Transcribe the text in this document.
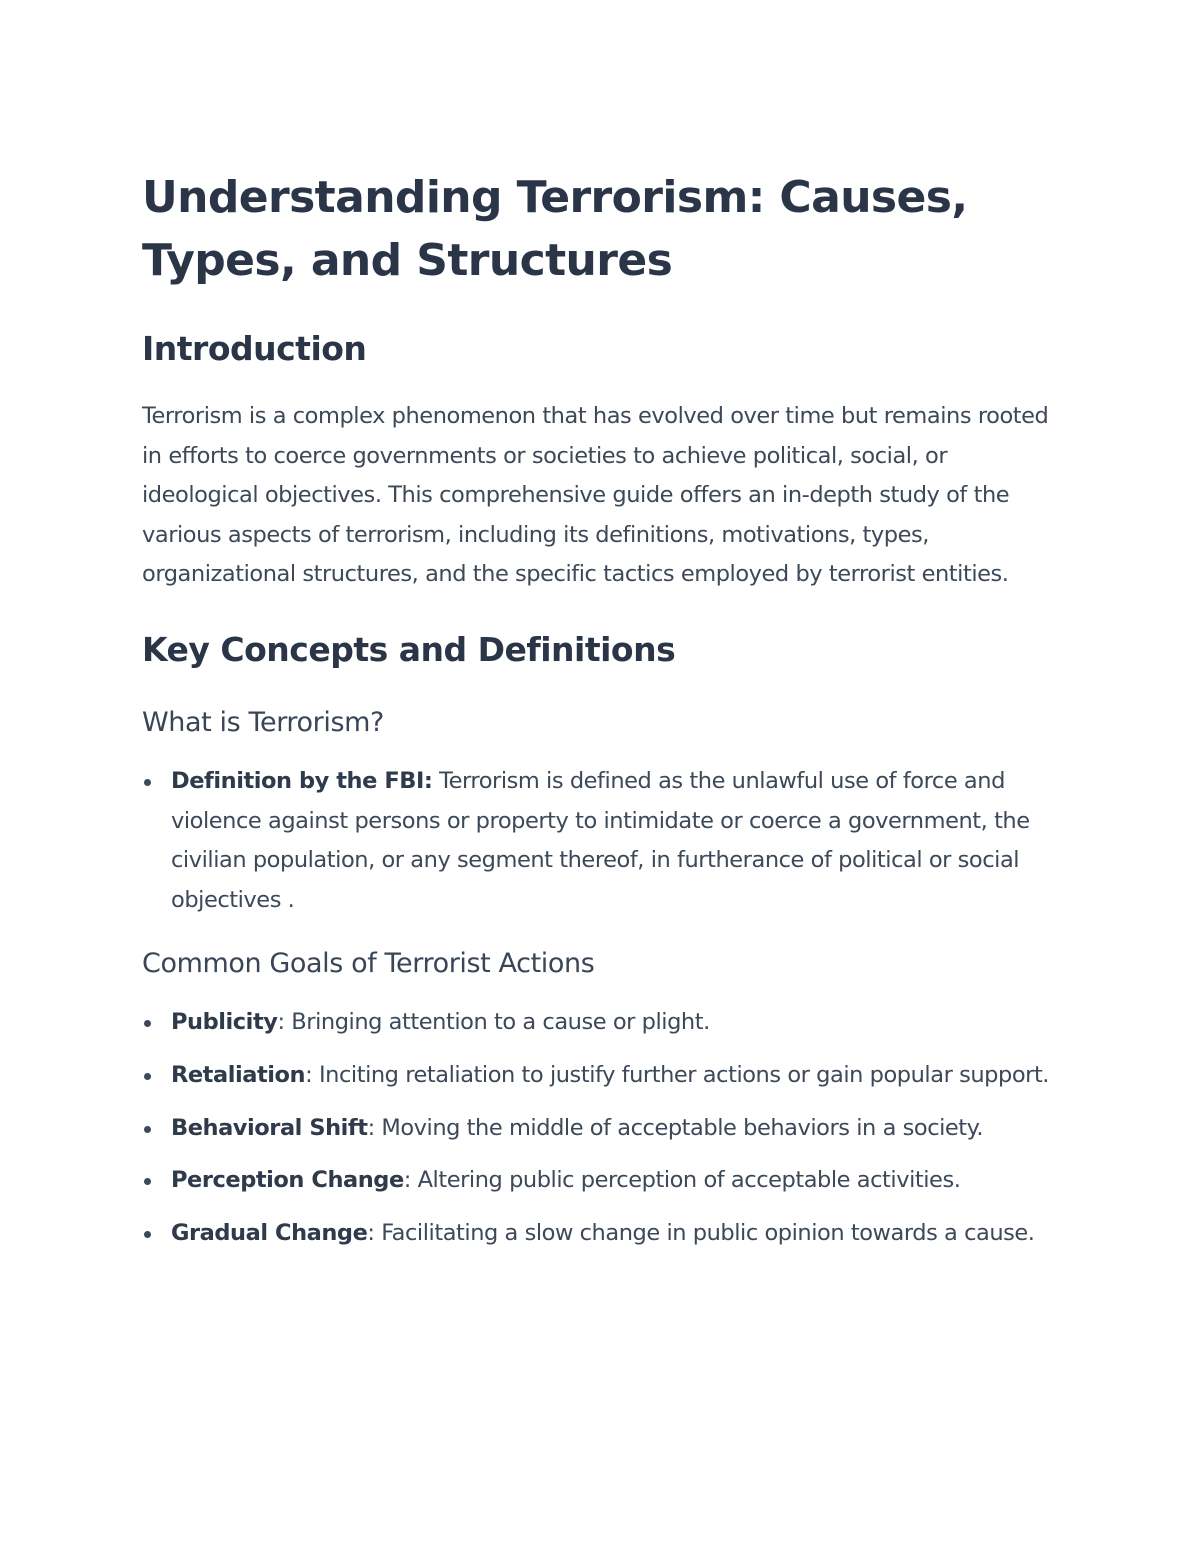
Understanding Terrorism: Causes, Types, and Structures
Introduction

Terrorism is a complex phenomenon that has evolved over time but remains rooted in efforts to coerce governments or societies to achieve political, social, or ideological objectives. This comprehensive guide offers an in-depth study of the various aspects of terrorism, including its definitions, motivations, types, organizational structures, and the specific tactics employed by terrorist entities.

Key Concepts and Definitions
What is Terrorism?
Definition by the FBI: Terrorism is defined as the unlawful use of force and violence against persons or property to intimidate or coerce a government, the civilian population, or any segment thereof, in furtherance of political or social objectives .
Common Goals of Terrorist Actions
Publicity: Bringing attention to a cause or plight.
Retaliation: Inciting retaliation to justify further actions or gain popular support.
Behavioral Shift: Moving the middle of acceptable behaviors in a society.
Perception Change: Altering public perception of acceptable activities.
Gradual Change: Facilitating a slow change in public opinion towards a cause.
